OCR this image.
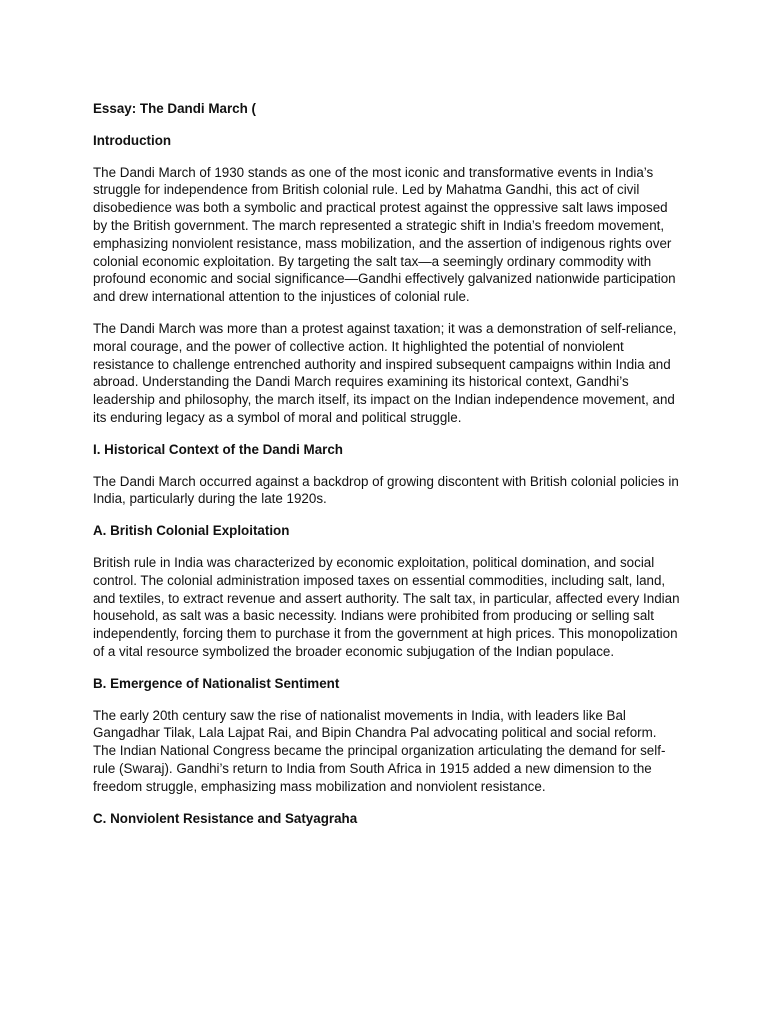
Essay: The Dandi March (

Introduction

The Dandi March of 1930 stands as one of the most iconic and transformative events in India’s struggle for independence from British colonial rule. Led by Mahatma Gandhi, this act of civil disobedience was both a symbolic and practical protest against the oppressive salt laws imposed by the British government. The march represented a strategic shift in India’s freedom movement, emphasizing nonviolent resistance, mass mobilization, and the assertion of indigenous rights over colonial economic exploitation. By targeting the salt tax—a seemingly ordinary commodity with profound economic and social significance—Gandhi effectively galvanized nationwide participation and drew international attention to the injustices of colonial rule.

The Dandi March was more than a protest against taxation; it was a demonstration of self-reliance, moral courage, and the power of collective action. It highlighted the potential of nonviolent resistance to challenge entrenched authority and inspired subsequent campaigns within India and abroad. Understanding the Dandi March requires examining its historical context, Gandhi’s leadership and philosophy, the march itself, its impact on the Indian independence movement, and its enduring legacy as a symbol of moral and political struggle.

I. Historical Context of the Dandi March

The Dandi March occurred against a backdrop of growing discontent with British colonial policies in India, particularly during the late 1920s.

A. British Colonial Exploitation

British rule in India was characterized by economic exploitation, political domination, and social control. The colonial administration imposed taxes on essential commodities, including salt, land, and textiles, to extract revenue and assert authority. The salt tax, in particular, affected every Indian household, as salt was a basic necessity. Indians were prohibited from producing or selling salt independently, forcing them to purchase it from the government at high prices. This monopolization of a vital resource symbolized the broader economic subjugation of the Indian populace.

B. Emergence of Nationalist Sentiment

The early 20th century saw the rise of nationalist movements in India, with leaders like Bal Gangadhar Tilak, Lala Lajpat Rai, and Bipin Chandra Pal advocating political and social reform. The Indian National Congress became the principal organization articulating the demand for self-rule (Swaraj). Gandhi’s return to India from South Africa in 1915 added a new dimension to the freedom struggle, emphasizing mass mobilization and nonviolent resistance.

C. Nonviolent Resistance and Satyagraha
